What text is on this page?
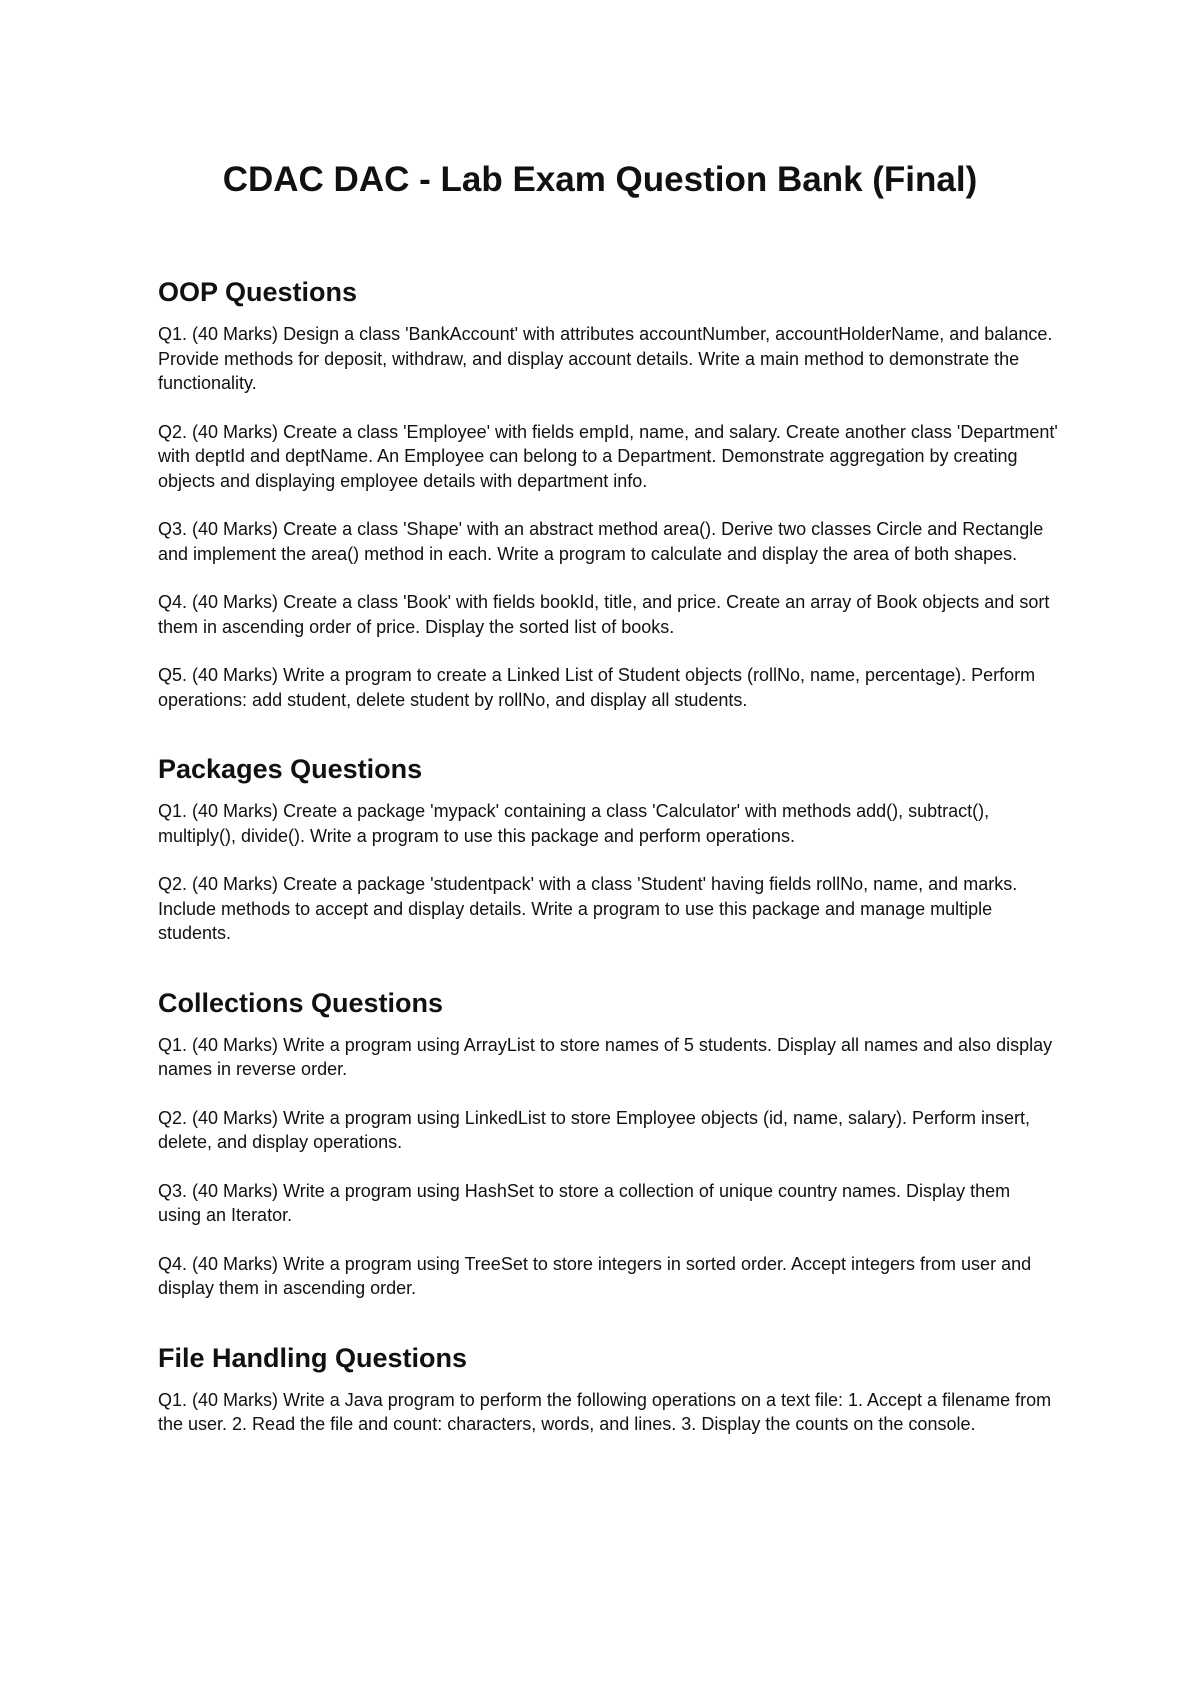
CDAC DAC - Lab Exam Question Bank (Final)
OOP Questions

Q1. (40 Marks) Design a class 'BankAccount' with attributes accountNumber, accountHolderName, and balance. Provide methods for deposit, withdraw, and display account details. Write a main method to demonstrate the functionality.

Q2. (40 Marks) Create a class 'Employee' with fields empId, name, and salary. Create another class 'Department' with deptId and deptName. An Employee can belong to a Department. Demonstrate aggregation by creating objects and displaying employee details with department info.

Q3. (40 Marks) Create a class 'Shape' with an abstract method area(). Derive two classes Circle and Rectangle and implement the area() method in each. Write a program to calculate and display the area of both shapes.

Q4. (40 Marks) Create a class 'Book' with fields bookId, title, and price. Create an array of Book objects and sort them in ascending order of price. Display the sorted list of books.

Q5. (40 Marks) Write a program to create a Linked List of Student objects (rollNo, name, percentage). Perform operations: add student, delete student by rollNo, and display all students.

Packages Questions

Q1. (40 Marks) Create a package 'mypack' containing a class 'Calculator' with methods add(), subtract(), multiply(), divide(). Write a program to use this package and perform operations.

Q2. (40 Marks) Create a package 'studentpack' with a class 'Student' having fields rollNo, name, and marks. Include methods to accept and display details. Write a program to use this package and manage multiple students.

Collections Questions

Q1. (40 Marks) Write a program using ArrayList to store names of 5 students. Display all names and also display names in reverse order.

Q2. (40 Marks) Write a program using LinkedList to store Employee objects (id, name, salary). Perform insert, delete, and display operations.

Q3. (40 Marks) Write a program using HashSet to store a collection of unique country names. Display them using an Iterator.

Q4. (40 Marks) Write a program using TreeSet to store integers in sorted order. Accept integers from user and display them in ascending order.

File Handling Questions

Q1. (40 Marks) Write a Java program to perform the following operations on a text file: 1. Accept a filename from the user. 2. Read the file and count: characters, words, and lines. 3. Display the counts on the console.
